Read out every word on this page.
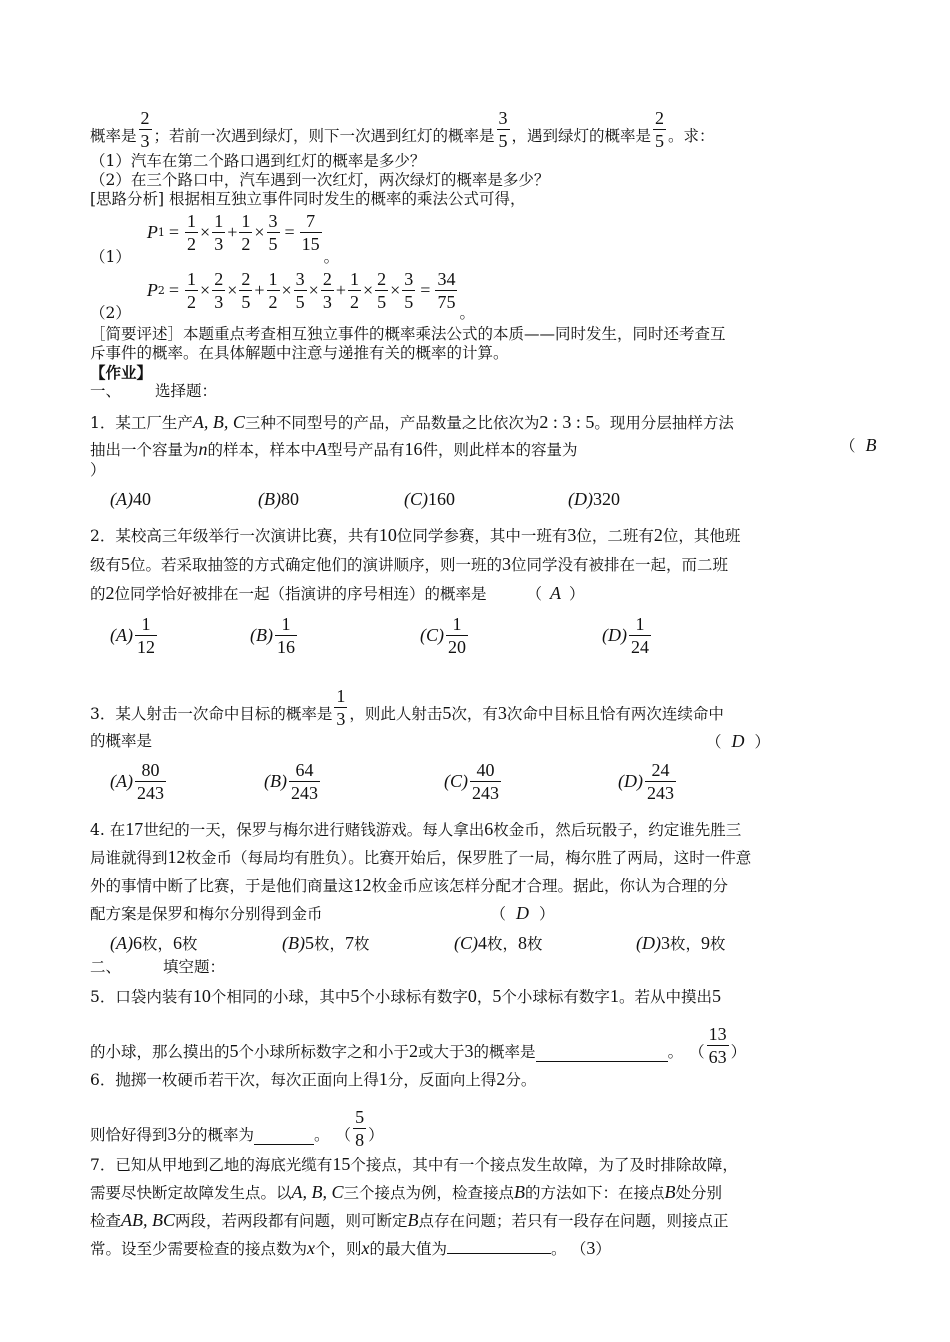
概率是 $\frac{2}{3}$ ；若前一次遇到绿灯，则下一次遇到红灯的概率是 $\frac{3}{5}$ ，遇到绿灯的概率是 $\frac{2}{5}$ 。求：
（1）汽车在第二个路口遇到红灯的概率是多少？
（2）在三个路口中，汽车遇到一次红灯，两次绿灯的概率是多少？
[思路分析] 根据相互独立事件同时发生的概率的乘法公式可得，
（1）
P $1 = \frac{1}{2} \times \frac{1}{3} + \frac{1}{2} \times \frac{3}{5} = \frac{7}{15}$
。
（2）
P $2 = \frac{1}{2} \times \frac{2}{3} \times \frac{2}{5} + \frac{1}{2} \times \frac{3}{5} \times \frac{2}{3} + \frac{1}{2} \times \frac{2}{5} \times \frac{3}{5} = \frac{34}{75}$ 。
［简要评述］本题重点考查相互独立事件的概率乘法公式的本质——同时发生，同时还考查互
斥事件的概率。在具体解题中注意与递推有关的概率的计算。
【作业】
一、 选择题：
1．某工厂生产A, B, C三种不同型号的产品，产品数量之比依次为2 : 3 : 5。现用分层抽样方法
抽出一个容量为n的样本，样本中A型号产品有16件，则此样本的容量为	（ B
）
(A) 40	(B) 80	(C) 160	(D) 320
2．某校高三年级举行一次演讲比赛，共有10位同学参赛，其中一班有3位，二班有2位，其他班
级有5位。若采取抽签的方式确定他们的演讲顺序，则一班的3位同学没有被排在一起，而二班
的2位同学恰好被排在一起（指演讲的序号相连）的概率是	（ A ）
$(A) \frac{1}{12}$	$(B) \frac{1}{16}$	$(C) \frac{1}{20}$	$(D) \frac{1}{24}$
3．某人射击一次命中目标的概率是 $\frac{1}{3}$ ，则此人射击 5 次，有 3 次命中目标且恰有两次连续命中
的概率是	（ D ）
$(A) \frac{80}{243}$	$(B) \frac{64}{243}$	$(C) \frac{40}{243}$	$(D) \frac{24}{243}$
4. 在17世纪的一天，保罗与梅尔进行赌钱游戏。每人拿出6枚金币，然后玩骰子，约定谁先胜三
局谁就得到12枚金币（每局均有胜负）。比赛开始后，保罗胜了一局，梅尔胜了两局，这时一件意
外的事情中断了比赛，于是他们商量这12枚金币应该怎样分配才合理。据此，你认为合理的分
配方案是保罗和梅尔分别得到金币	（ D ）
(A) 6 枚， 6 枚	(B) 5 枚， 7 枚	(C) 4 枚， 8 枚	(D) 3 枚， 9 枚
二、	填空题：
5．口袋内装有10个相同的小球，其中5个小球标有数字0，5个小球标有数字1。若从中摸出5
的小球，那么摸出的 5 个小球所标数字之和小于 2 或大于 3 的概率是	。 （ $\frac{13}{63}$ ）
6．抛掷一枚硬币若干次，每次正面向上得1分，反面向上得2分。
则恰好得到 3 分的概率为	。 （ $\frac{5}{8}$ ）
7．已知从甲地到乙地的海底光缆有15个接点，其中有一个接点发生故障，为了及时排除故障，
需要尽快断定故障发生点。以A, B, C三个接点为例，检查接点B的方法如下：在接点B处分别
检查AB, BC两段，若两段都有问题，则可断定B点存在问题；若只有一段存在问题，则接点正
常。设至少需要检查的接点数为x个，则x的最大值为	。 （3）
